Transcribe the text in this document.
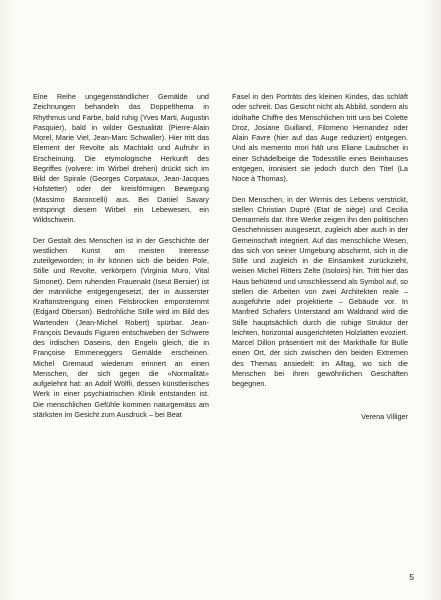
Eine Reihe ungegenständlicher Gemälde und Zeichnungen behandeln das Doppelthema in Rhythmus und Farbe, bald ruhig (Yves Marti, Augustin Pasquier), bald in wilder Gestualität (Pierre-Alain Morel, Marie Viel, Jean-Marc Schwaller). Hier tritt das Element der Revolte als Machtakt und Aufruhr in Erscheinung. Die etymologische Herkunft des Begriffes (volvere: im Wirbel drehen) drückt sich im Bild der Spirale (Georges Corpataux, Jean-Jacques Hofstetter) oder der kreisförmigen Bewegung (Massimo Baroncelli) aus. Bei Daniel Savary entspringt diesem Wirbel ein Lebewesen, ein Wildschwein.

Der Gestalt des Menschen ist in der Geschichte der westlichen Kunst am meisten Interesse zuteilgeworden; in ihr können sich die beiden Pole, Stille und Revolte, verkörpern (Virginia Muro, Vital Simonet). Dem ruhenden Frauenakt (Iseut Bersier) ist der männliche entgegengesetzt, der in äusserster Kraftanstrengung einen Felsbrocken emporstemmt (Edgard Oberson). Bedrohliche Stille wird im Bild des Wartenden (Jean-Michel Robert) spürbar. Jean-François Devauds Figuren entschweben der Schwere des irdischen Daseins, den Engeln gleich, die in Françoise Emmeneggers Gemälde erscheinen. Michel Gremaud wiederum erinnert an einen Menschen, der sich gegen die «Normalität» aufgelehnt hat: an Adolf Wölfli, dessen künstlerisches Werk in einer psychiatrischen Klinik entstanden ist. Die menschlichen Gefühle kommen naturgemäss am stärksten im Gesicht zum Ausdruck – bei Beat

Fasel in den Porträts des kleinen Kindes, das schläft oder schreit. Das Gesicht nicht als Abbild, sondern als idolhafte Chiffre des Menschlichen tritt uns bei Colette Droz, Josiane Guilland, Filomeno Hernandez oder Alain Favre (hier auf das Auge reduziert) entgegen. Und als memento mori hält uns Eliane Laubscher in einer Schädelbeige die Todesstille eines Beinhauses entgegen, ironisiert sie jedoch durch den Titel (La Noce à Thomas).

Den Menschen, in der Wirrnis des Lebens verstrickt, stellen Christian Dupré (Etat de siège) und Cecilia Demarmels dar. Ihre Werke zeigen ihn den politischen Geschehnissen ausgesetzt, zugleich aber auch in der Gemeinschaft integriert. Auf das menschliche Wesen, das sich von seiner Umgebung abschirmt, sich in die Stille und zugleich in die Einsamkeit zurückzieht, weisen Michel Ritters Zelte (Isoloirs) hin. Tritt hier das Haus behütend und umschliessend als Symbol auf, so stellen die Arbeiten von zwei Architekten reale – ausgeführte oder projektierte – Gebäude vor. In Manfred Schafers Unterstand am Waldrand wird die Stille hauptsächlich durch die ruhige Struktur der leichten, horizontal ausgerichteten Holzlatten evoziert. Marcel Dillon präsentiert mit der Markthalle für Bulle einen Ort, der sich zwischen den beiden Extremen des Themas ansiedelt: im Alltag, wo sich die Menschen bei ihren gewöhnlichen Geschäften begegnen.

Verena Villiger
5
